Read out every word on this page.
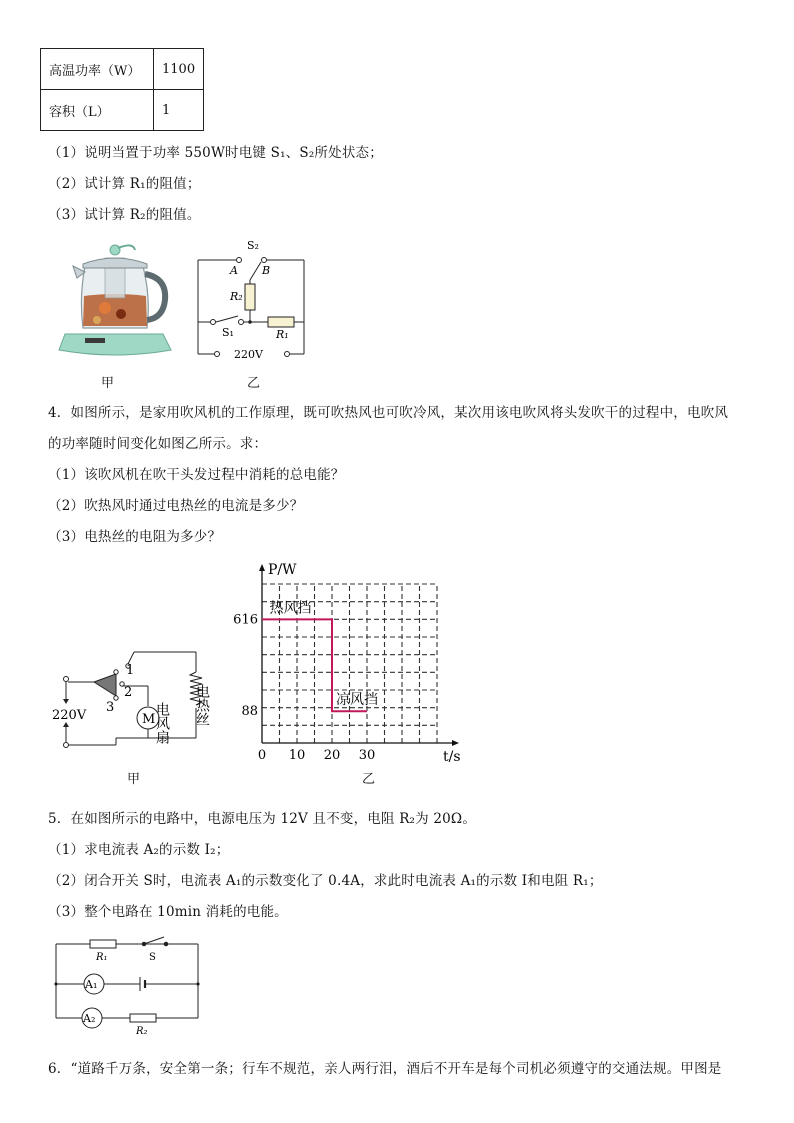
高温功率（W）	1100
容积（L）	1
（1）说明当置于功率 550W时电键 S₁、S₂所处状态；
（2）试计算 R₁的阻值；
（3）试计算 R₂的阻值。
甲
S₂
A B
R₂
S₁	R₁
220V
乙
4．如图所示，是家用吹风机的工作原理，既可吹热风也可吹冷风，某次用该电吹风将头发吹干的过程中，电吹风
的功率随时间变化如图乙所示。求：
（1）该吹风机在吹干头发过程中消耗的总电能？
（2）吹热风时通过电热丝的电流是多少？
（3）电热丝的电阻为多少？
220V
1
2
3
M	电热丝
电风扇
甲
P/W
t/s
0 10 20 30
616
88
热风挡
凉风挡
乙
5．在如图所示的电路中，电源电压为 12V 且不变，电阻 R₂为 20Ω。
（1）求电流表 A₂的示数 I₂；
（2）闭合开关 S时，电流表 A₁的示数变化了 0.4A，求此时电流表 A₁的示数 I和电阻 R₁；
（3）整个电路在 10min 消耗的电能。
R₁	S
A₁
A₂
R₂
6．“道路千万条，安全第一条；行车不规范，亲人两行泪，酒后不开车是每个司机必须遵守的交通法规。甲图是
